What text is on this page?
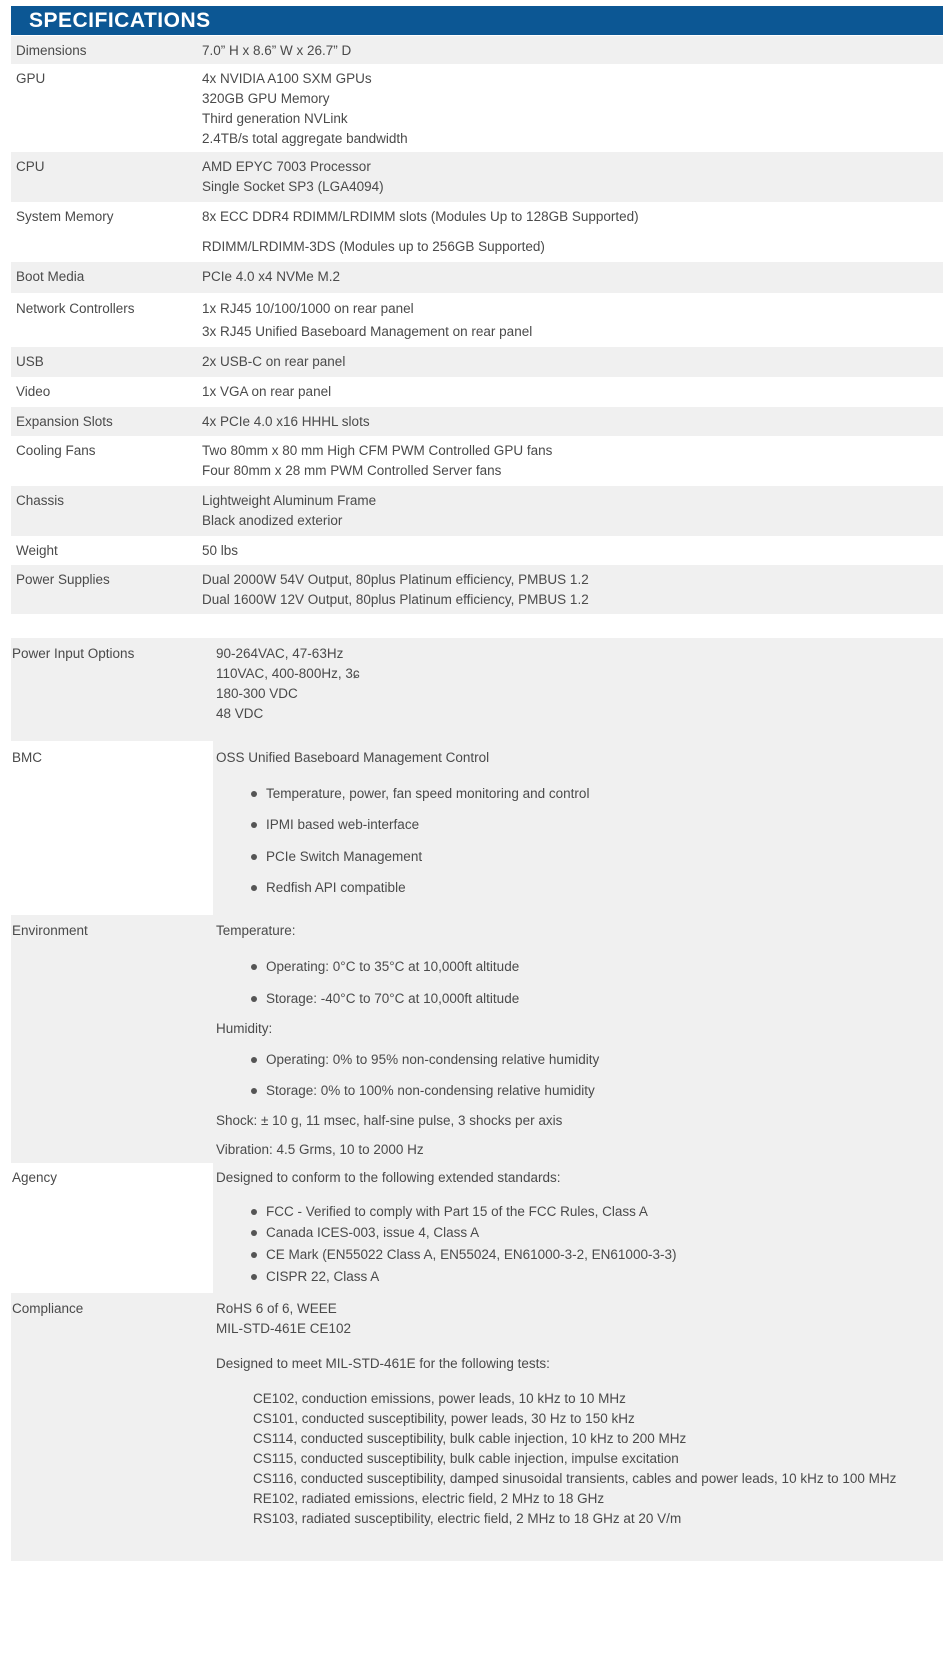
SPECIFICATIONS
Dimensions	7.0” H x 8.6” W x 26.7” D
GPU	4x NVIDIA A100 SXM GPUs
320GB GPU Memory
Third generation NVLink
2.4TB/s total aggregate bandwidth
CPU	AMD EPYC 7003 Processor
Single Socket SP3 (LGA4094)
System Memory	8x ECC DDR4 RDIMM/LRDIMM slots (Modules Up to 128GB Supported)
RDIMM/LRDIMM-3DS (Modules up to 256GB Supported)
Boot Media	PCIe 4.0 x4 NVMe M.2
Network Controllers	1x RJ45 10/100/1000 on rear panel
3x RJ45 Unified Baseboard Management on rear panel
USB	2x USB-C on rear panel
Video	1x VGA on rear panel
Expansion Slots	4x PCIe 4.0 x16 HHHL slots
Cooling Fans	Two 80mm x 80 mm High CFM PWM Controlled GPU fans
Four 80mm x 28 mm PWM Controlled Server fans
Chassis	Lightweight Aluminum Frame
Black anodized exterior
Weight	50 lbs
Power Supplies	Dual 2000W 54V Output, 80plus Platinum efficiency, PMBUS 1.2
Dual 1600W 12V Output, 80plus Platinum efficiency, PMBUS 1.2
Power Input Options	90-264VAC, 47-63Hz
110VAC, 400-800Hz, 3ɕ
180-300 VDC
48 VDC
BMC	OSS Unified Baseboard Management Control
Temperature, power, fan speed monitoring and control
IPMI based web-interface
PCIe Switch Management
Redfish API compatible
Environment	Temperature:
Operating: 0°C to 35°C at 10,000ft altitude
Storage: -40°C to 70°C at 10,000ft altitude
Humidity:
Operating: 0% to 95% non-condensing relative humidity
Storage: 0% to 100% non-condensing relative humidity
Shock: ± 10 g, 11 msec, half-sine pulse, 3 shocks per axis
Vibration: 4.5 Grms, 10 to 2000 Hz
Agency	Designed to conform to the following extended standards:
FCC - Verified to comply with Part 15 of the FCC Rules, Class A
Canada ICES-003, issue 4, Class A
CE Mark (EN55022 Class A, EN55024, EN61000-3-2, EN61000-3-3)
CISPR 22, Class A
Compliance	RoHS 6 of 6, WEEE
MIL-STD-461E CE102
Designed to meet MIL-STD-461E for the following tests:
CE102, conduction emissions, power leads, 10 kHz to 10 MHz
CS101, conducted susceptibility, power leads, 30 Hz to 150 kHz
CS114, conducted susceptibility, bulk cable injection, 10 kHz to 200 MHz
CS115, conducted susceptibility, bulk cable injection, impulse excitation
CS116, conducted susceptibility, damped sinusoidal transients, cables and power leads, 10 kHz to 100 MHz
RE102, radiated emissions, electric field, 2 MHz to 18 GHz
RS103, radiated susceptibility, electric field, 2 MHz to 18 GHz at 20 V/m
